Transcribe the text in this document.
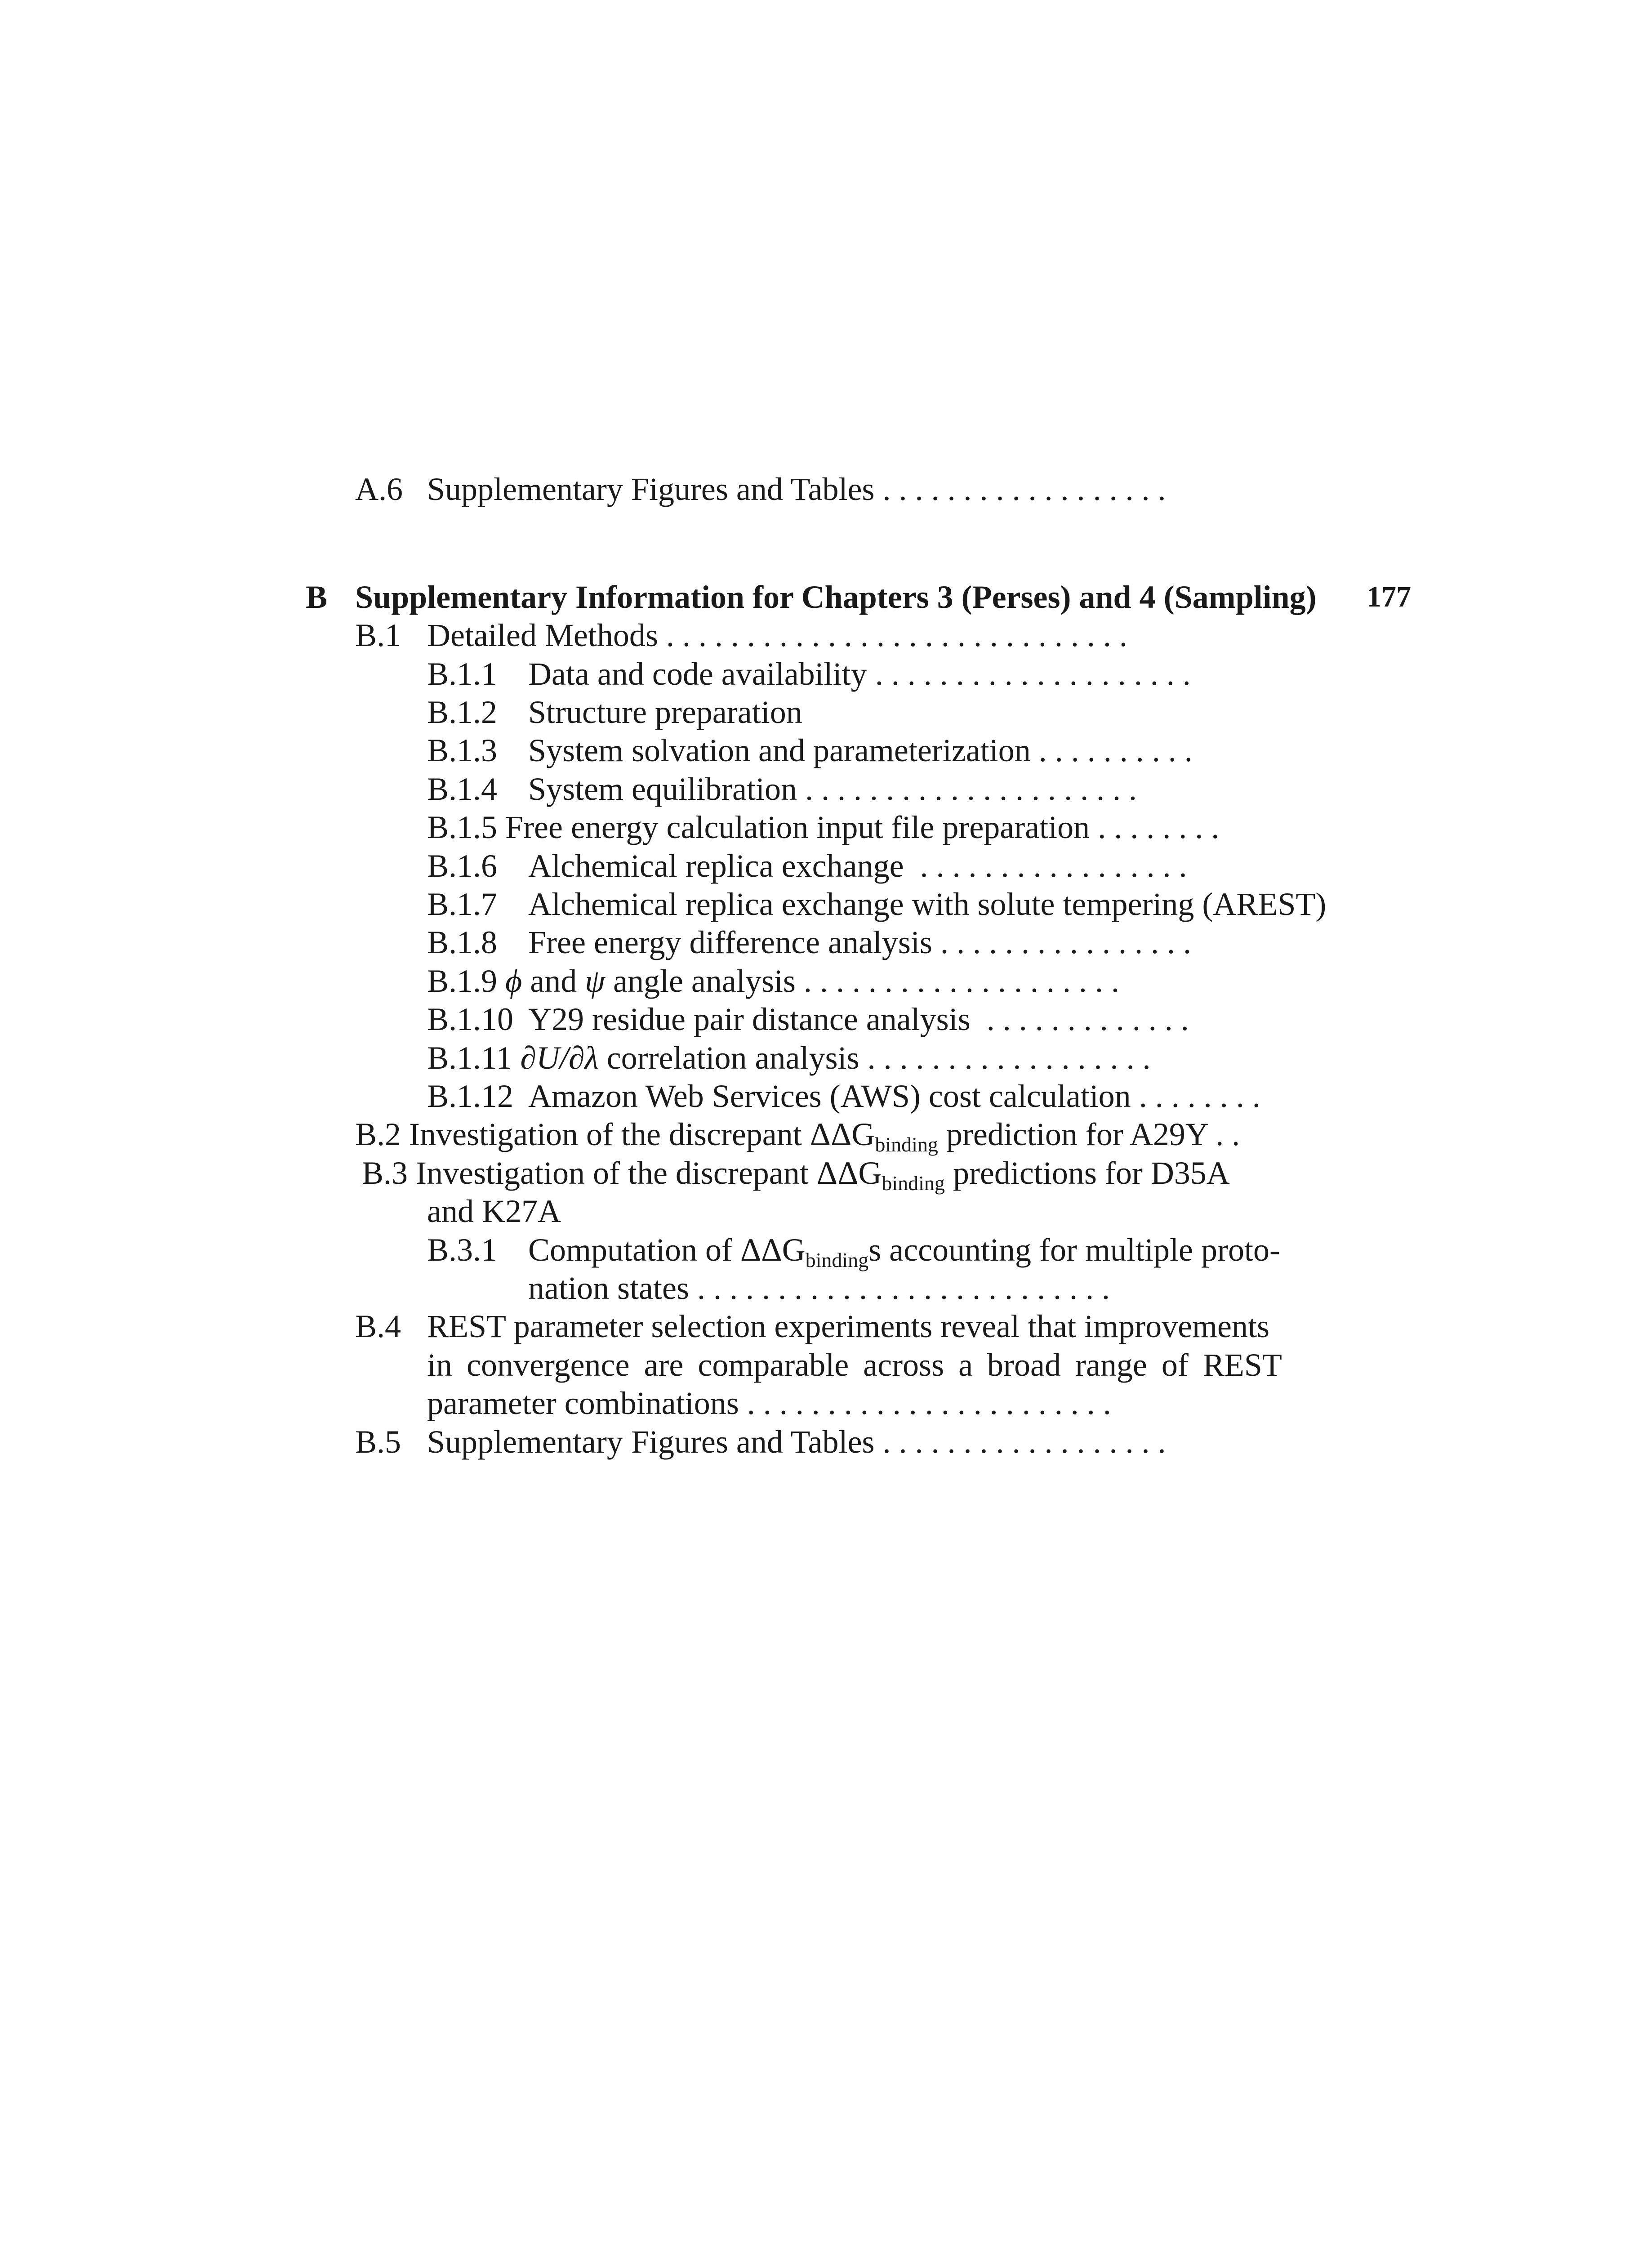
A.6 Supplementary Figures and Tables . . . . . . . . . . . . . . . . . .
B Supplementary Information for Chapters 3 (Perses) and 4 (Sampling) 177
B.1 Detailed Methods . . . . . . . . . . . . . . . . . . . . . . . . . . . . .
B.1.1 Data and code availability . . . . . . . . . . . . . . . . . . . .
B.1.2 Structure preparation
B.1.3 System solvation and parameterization . . . . . . . . . .
B.1.4 System equilibration . . . . . . . . . . . . . . . . . . . . .
B.1.5 Free energy calculation input file preparation . . . . . . . .
B.1.6 Alchemical replica exchange . . . . . . . . . . . . . . . . .
B.1.7 Alchemical replica exchange with solute tempering (AREST)
B.1.8 Free energy difference analysis . . . . . . . . . . . . . . . .
B.1.9 ϕ and ψ angle analysis . . . . . . . . . . . . . . . . . . . .
B.1.10 Y29 residue pair distance analysis . . . . . . . . . . . . .
B.1.11 ∂U/∂λ correlation analysis . . . . . . . . . . . . . . . . . .
B.1.12 Amazon Web Services (AWS) cost calculation . . . . . . . .
B.2 Investigation of the discrepant $\Delta\Delta G_{binding}$ prediction for A29Y . .
B.3 Investigation of the discrepant $\Delta\Delta G_{binding}$ predictions for D35A
and K27A
B.3.1 Computation of $\Delta\Delta G_{binding}s$ accounting for multiple proto-
nation states . . . . . . . . . . . . . . . . . . . . . . . . . .
B.4 REST parameter selection experiments reveal that improvements
in convergence are comparable across a broad range of REST
parameter combinations . . . . . . . . . . . . . . . . . . . . . . .
B.5 Supplementary Figures and Tables . . . . . . . . . . . . . . . . . .
